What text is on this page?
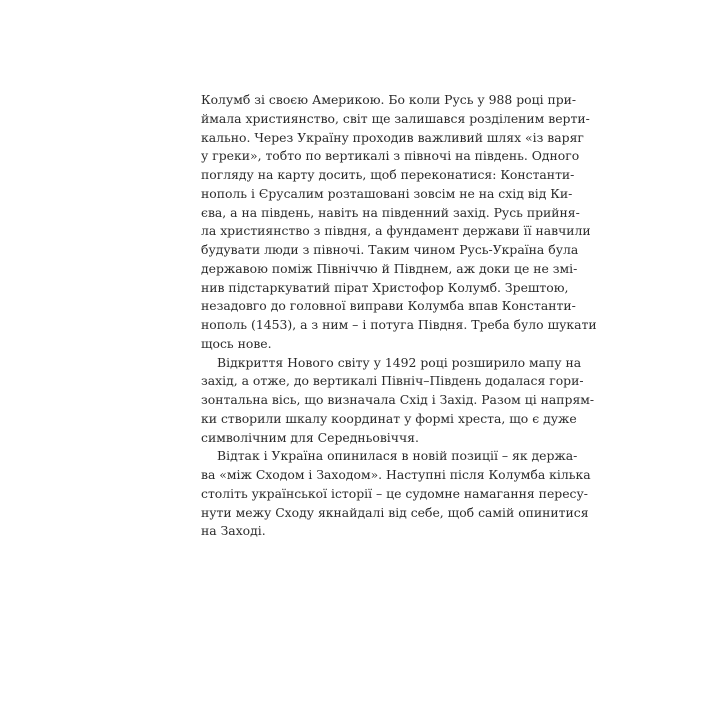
Колумб зі своєю Америкою. Бо коли Русь у 988 році при-
ймала християнство, світ ще залишався розділеним верти-
кально. Через Україну проходив важливий шлях «із варяг
у греки», тобто по вертикалі з півночі на південь. Одного
погляду на карту досить, щоб переконатися: Константи-
нополь і Єрусалим розташовані зовсім не на схід від Ки-
єва, а на південь, навіть на південний захід. Русь прийня-
ла християнство з півдня, а фундамент держави її навчили
будувати люди з півночі. Таким чином Русь-Україна була
державою поміж Північчю й Півднем, аж доки це не змі-
нив підстаркуватий пірат Христофор Колумб. Зрештою,
незадовго до головної виправи Колумба впав Константи-
нополь (1453), а з ним – і потуга Півдня. Треба було шукати
щось нове.
Відкриття Нового світу у 1492 році розширило мапу на
захід, а отже, до вертикалі Північ–Південь додалася гори-
зонтальна вісь, що визначала Схід і Захід. Разом ці напрям-
ки створили шкалу координат у формі хреста, що є дуже
символічним для Середньовіччя.
Відтак і Україна опинилася в новій позиції – як держа-
ва «між Сходом і Заходом». Наступні після Колумба кілька
століть української історії – це судомне намагання пересу-
нути межу Сходу якнайдалі від себе, щоб самій опинитися
на Заході.
